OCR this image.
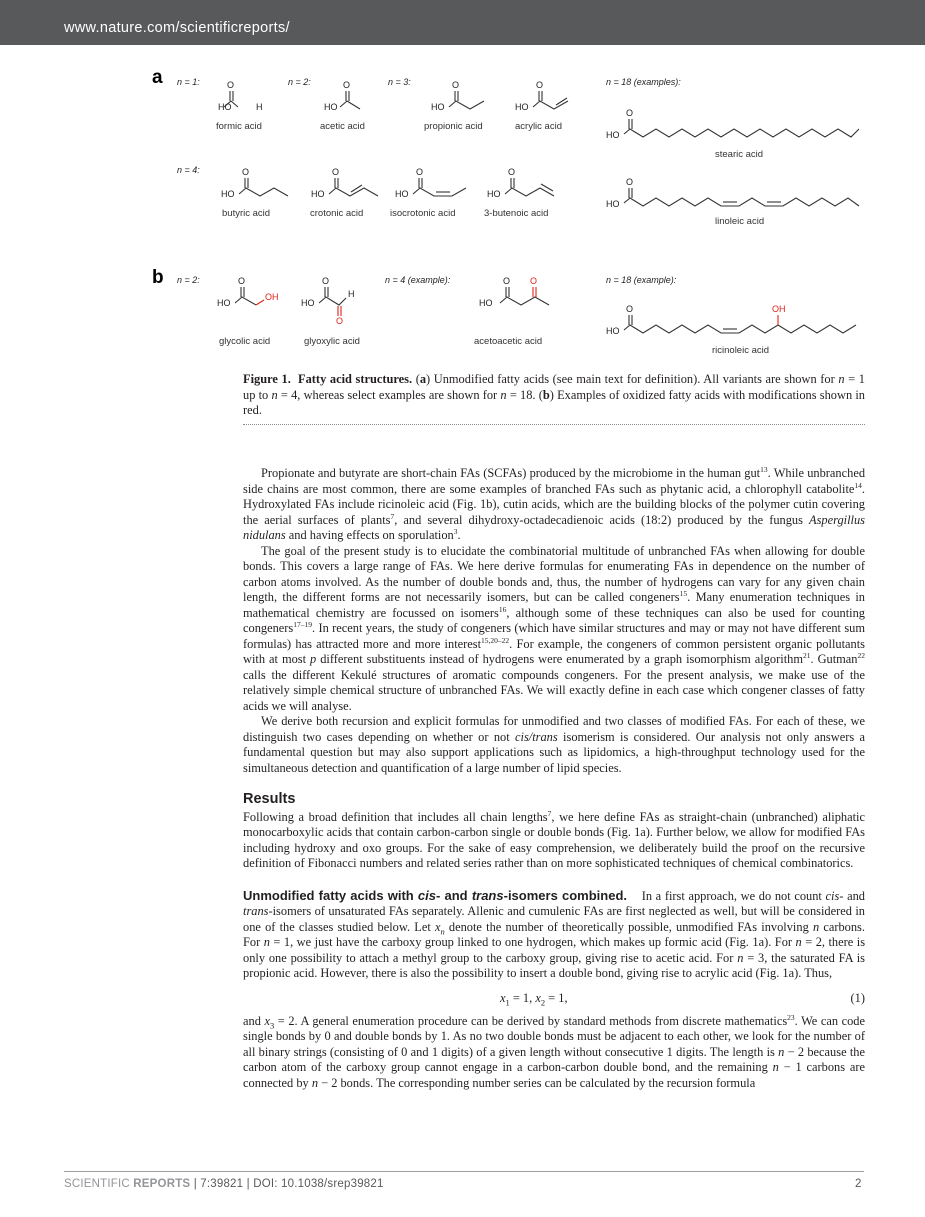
www.nature.com/scientificreports/
a n = 1:	n = 2:	n = 3:	n = 18 (examples):
O
HO	H
formic acid
O
HO
acetic acid
O
HO
propionic acid
O
HO
acrylic acid
O
HO
stearic acid
n = 4:	O
HO
butyric acid
O
HO
crotonic acid
O
HO
isocrotonic acid
O
HO
3-butenoic acid
O
HO
linoleic acid
b n = 2:	n = 4 (example):	n = 18 (example):
O
OH
HO
glycolic acid
O
H
O
HO
glyoxylic acid
O O
HO
acetoacetic acid
O	OH
HO
ricinoleic acid
Figure 1. Fatty acid structures. (a) Unmodified fatty acids (see main text for definition). All variants are shown for n = 1 up to n = 4, whereas select examples are shown for n = 18. (b) Examples of oxidized fatty acids with modifications shown in red.

Propionate and butyrate are short-chain FAs (SCFAs) produced by the microbiome in the human gut$^{13}$. While unbranched side chains are most common, there are some examples of branched FAs such as phytanic acid, a chlorophyll catabolite$^{14}$. Hydroxylated FAs include ricinoleic acid (Fig. 1b), cutin acids, which are the building blocks of the polymer cutin covering the aerial surfaces of plants$^7$, and several dihydroxy-octadecadienoic acids (18:2) produced by the fungus Aspergillus nidulans and having effects on sporulation$^3$.

The goal of the present study is to elucidate the combinatorial multitude of unbranched FAs when allowing for double bonds. This covers a large range of FAs. We here derive formulas for enumerating FAs in dependence on the number of carbon atoms involved. As the number of double bonds and, thus, the number of hydrogens can vary for any given chain length, the different forms are not necessarily isomers, but can be called congeners$^{15}$. Many enumeration techniques in mathematical chemistry are focussed on isomers$^{16}$, although some of these techniques can also be used for counting congeners$^{17-19}$. In recent years, the study of congeners (which have similar structures and may or may not have different sum formulas) has attracted more and more interest$^{15,20-22}$. For example, the congeners of common persistent organic pollutants with at most p different substituents instead of hydrogens were enumerated by a graph isomorphism algorithm$^{21}$. Gutman$^{22}$ calls the different Kekulé structures of aromatic compounds congeners. For the present analysis, we make use of the relatively simple chemical structure of unbranched FAs. We will exactly define in each case which congener classes of fatty acids we will analyse.

We derive both recursion and explicit formulas for unmodified and two classes of modified FAs. For each of these, we distinguish two cases depending on whether or not cis/trans isomerism is considered. Our analysis not only answers a fundamental question but may also support applications such as lipidomics, a high-throughput technology used for the simultaneous detection and quantification of a large number of lipid species.

Results

Following a broad definition that includes all chain lengths$^7$, we here define FAs as straight-chain (unbranched) aliphatic monocarboxylic acids that contain carbon-carbon single or double bonds (Fig. 1a). Further below, we allow for modified FAs including hydroxy and oxo groups. For the sake of easy comprehension, we deliberately build the proof on the recursive definition of Fibonacci numbers and related series rather than on more sophisticated techniques of chemical combinatorics.

Unmodified fatty acids with cis- and trans-isomers combined. In a first approach, we do not count cis- and trans-isomers of unsaturated FAs separately. Allenic and cumulenic FAs are first neglected as well, but will be considered in one of the classes studied below. Let $x_n$ denote the number of theoretically possible, unmodified FAs involving n carbons. For n = 1, we just have the carboxy group linked to one hydrogen, which makes up formic acid (Fig. 1a). For n = 2, there is only one possibility to attach a methyl group to the carboxy group, giving rise to acetic acid. For n = 3, the saturated FA is propionic acid. However, there is also the possibility to insert a double bond, giving rise to acrylic acid (Fig. 1a). Thus,

$x_1 = 1$, $x_2 = 1$,	(1)

and $x_3 = 2$. A general enumeration procedure can be derived by standard methods from discrete mathematics$^{23}$. We can code single bonds by 0 and double bonds by 1. As no two double bonds must be adjacent to each other, we look for the number of all binary strings (consisting of 0 and 1 digits) of a given length without consecutive 1 digits. The length is n − 2 because the carbon atom of the carboxy group cannot engage in a carbon-carbon double bond, and the remaining n − 1 carbons are connected by n − 2 bonds. The corresponding number series can be calculated by the recursion formula

SCIENTIFIC REPORTS | 7:39821 | DOI: 10.1038/srep39821	2
